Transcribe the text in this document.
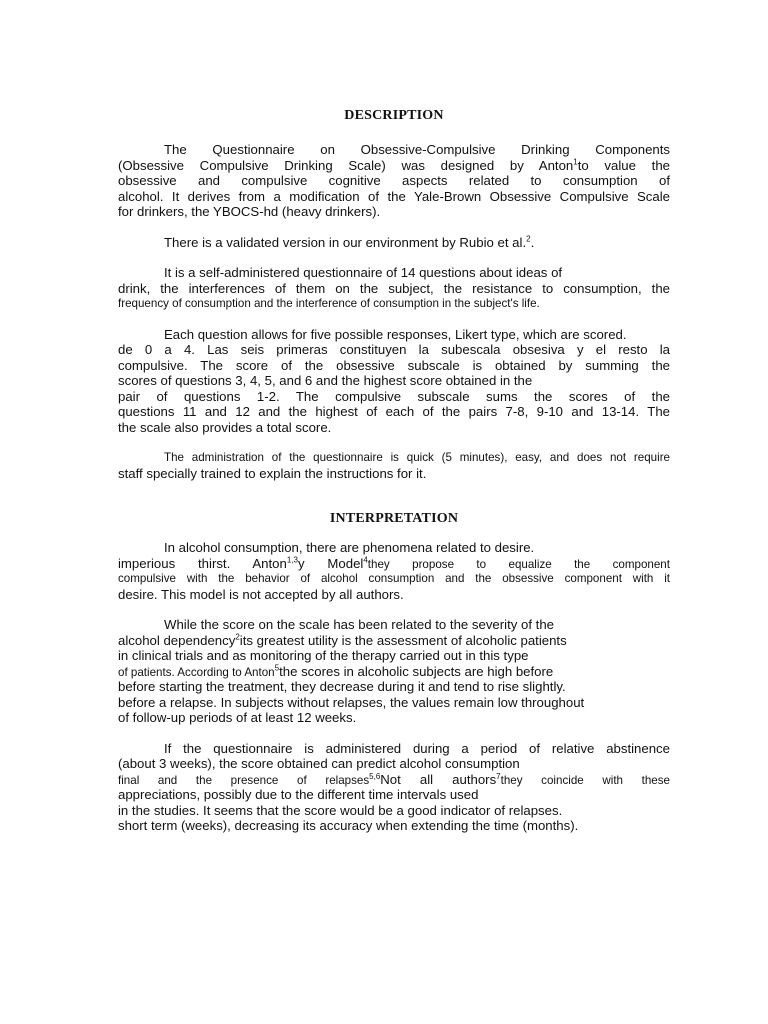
DESCRIPTION
The Questionnaire on Obsessive-Compulsive Drinking Components
(Obsessive Compulsive Drinking Scale) was designed by Anton$^1$to value the
obsessive and compulsive cognitive aspects related to consumption of
alcohol. It derives from a modification of the Yale-Brown Obsessive Compulsive Scale
for drinkers, the YBOCS-hd (heavy drinkers).
There is a validated version in our environment by Rubio et al.$^2$.
It is a self-administered questionnaire of 14 questions about ideas of
drink, the interferences of them on the subject, the resistance to consumption, the
frequency of consumption and the interference of consumption in the subject's life.
Each question allows for five possible responses, Likert type, which are scored.
de 0 a 4. Las seis primeras constituyen la subescala obsesiva y el resto la
compulsive. The score of the obsessive subscale is obtained by summing the
scores of questions 3, 4, 5, and 6 and the highest score obtained in the
pair of questions 1-2. The compulsive subscale sums the scores of the
questions 11 and 12 and the highest of each of the pairs 7-8, 9-10 and 13-14. The
the scale also provides a total score.
The administration of the questionnaire is quick (5 minutes), easy, and does not require
staff specially trained to explain the instructions for it.
INTERPRETATION
In alcohol consumption, there are phenomena related to desire.
imperious thirst. Anton$^{1,3}$y Model$^4$they propose to equalize the component
compulsive with the behavior of alcohol consumption and the obsessive component with it
desire. This model is not accepted by all authors.
While the score on the scale has been related to the severity of the
alcohol dependency$^2$its greatest utility is the assessment of alcoholic patients
in clinical trials and as monitoring of the therapy carried out in this type
of patients. According to Anton$^5$the scores in alcoholic subjects are high before
before starting the treatment, they decrease during it and tend to rise slightly.
before a relapse. In subjects without relapses, the values remain low throughout
of follow-up periods of at least 12 weeks.
If the questionnaire is administered during a period of relative abstinence
(about 3 weeks), the score obtained can predict alcohol consumption
final and the presence of relapses$^{5,6}$Not all authors$^7$they coincide with these
appreciations, possibly due to the different time intervals used
in the studies. It seems that the score would be a good indicator of relapses.
short term (weeks), decreasing its accuracy when extending the time (months).
